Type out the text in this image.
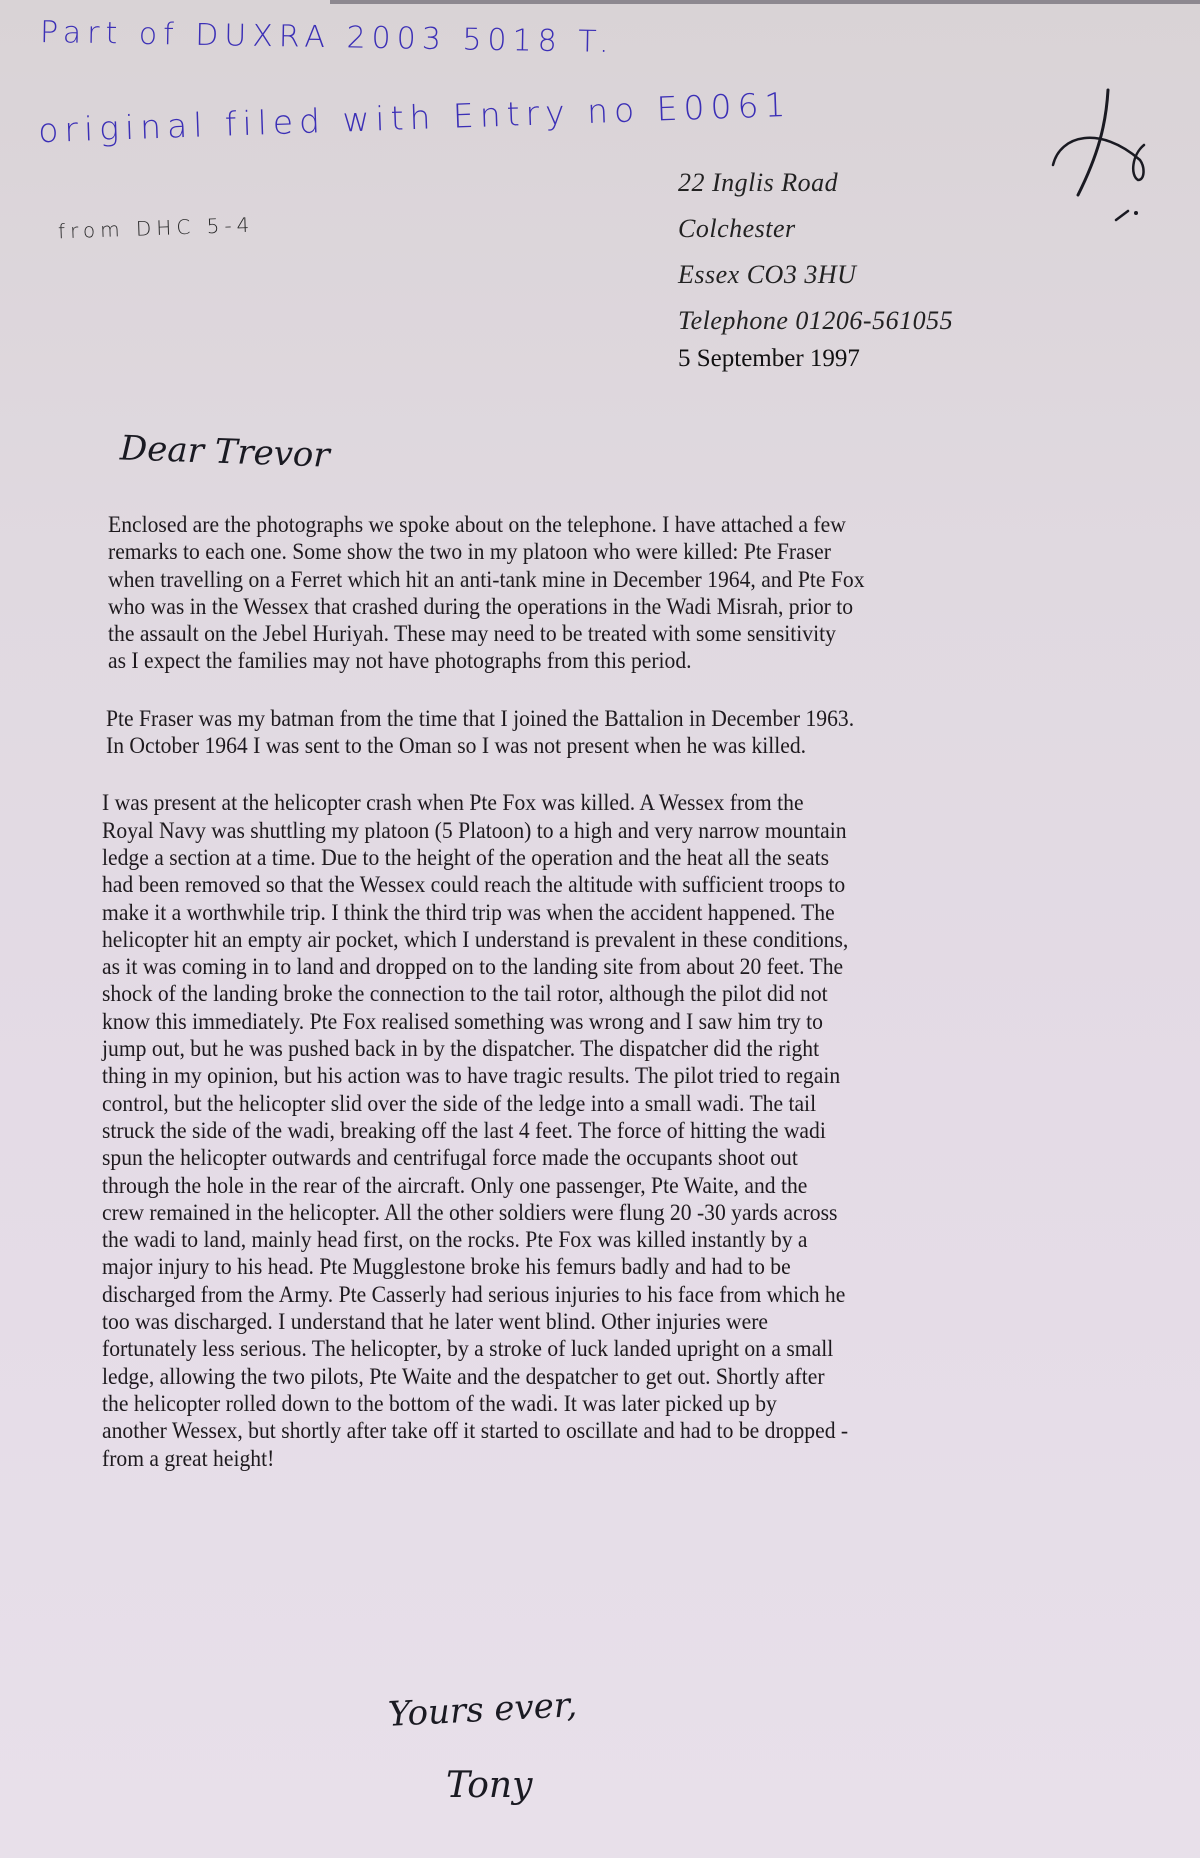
Part of DUXRA 2003 5018 T.
original filed with Entry no E0061
from DHC 5-4
22 Inglis Road
Colchester
Essex CO3 3HU
Telephone 01206-561055
5 September 1997
Dear Trevor
Enclosed are the photographs we spoke about on the telephone. I have attached a few
remarks to each one. Some show the two in my platoon who were killed: Pte Fraser
when travelling on a Ferret which hit an anti-tank mine in December 1964, and Pte Fox
who was in the Wessex that crashed during the operations in the Wadi Misrah, prior to
the assault on the Jebel Huriyah. These may need to be treated with some sensitivity
as I expect the families may not have photographs from this period.
Pte Fraser was my batman from the time that I joined the Battalion in December 1963.
In October 1964 I was sent to the Oman so I was not present when he was killed.
I was present at the helicopter crash when Pte Fox was killed. A Wessex from the
Royal Navy was shuttling my platoon (5 Platoon) to a high and very narrow mountain
ledge a section at a time. Due to the height of the operation and the heat all the seats
had been removed so that the Wessex could reach the altitude with sufficient troops to
make it a worthwhile trip. I think the third trip was when the accident happened. The
helicopter hit an empty air pocket, which I understand is prevalent in these conditions,
as it was coming in to land and dropped on to the landing site from about 20 feet. The
shock of the landing broke the connection to the tail rotor, although the pilot did not
know this immediately. Pte Fox realised something was wrong and I saw him try to
jump out, but he was pushed back in by the dispatcher. The dispatcher did the right
thing in my opinion, but his action was to have tragic results. The pilot tried to regain
control, but the helicopter slid over the side of the ledge into a small wadi. The tail
struck the side of the wadi, breaking off the last 4 feet. The force of hitting the wadi
spun the helicopter outwards and centrifugal force made the occupants shoot out
through the hole in the rear of the aircraft. Only one passenger, Pte Waite, and the
crew remained in the helicopter. All the other soldiers were flung 20 -30 yards across
the wadi to land, mainly head first, on the rocks. Pte Fox was killed instantly by a
major injury to his head. Pte Mugglestone broke his femurs badly and had to be
discharged from the Army. Pte Casserly had serious injuries to his face from which he
too was discharged. I understand that he later went blind. Other injuries were
fortunately less serious. The helicopter, by a stroke of luck landed upright on a small
ledge, allowing the two pilots, Pte Waite and the despatcher to get out. Shortly after
the helicopter rolled down to the bottom of the wadi. It was later picked up by
another Wessex, but shortly after take off it started to oscillate and had to be dropped -
from a great height!
Yours ever,
Tony
